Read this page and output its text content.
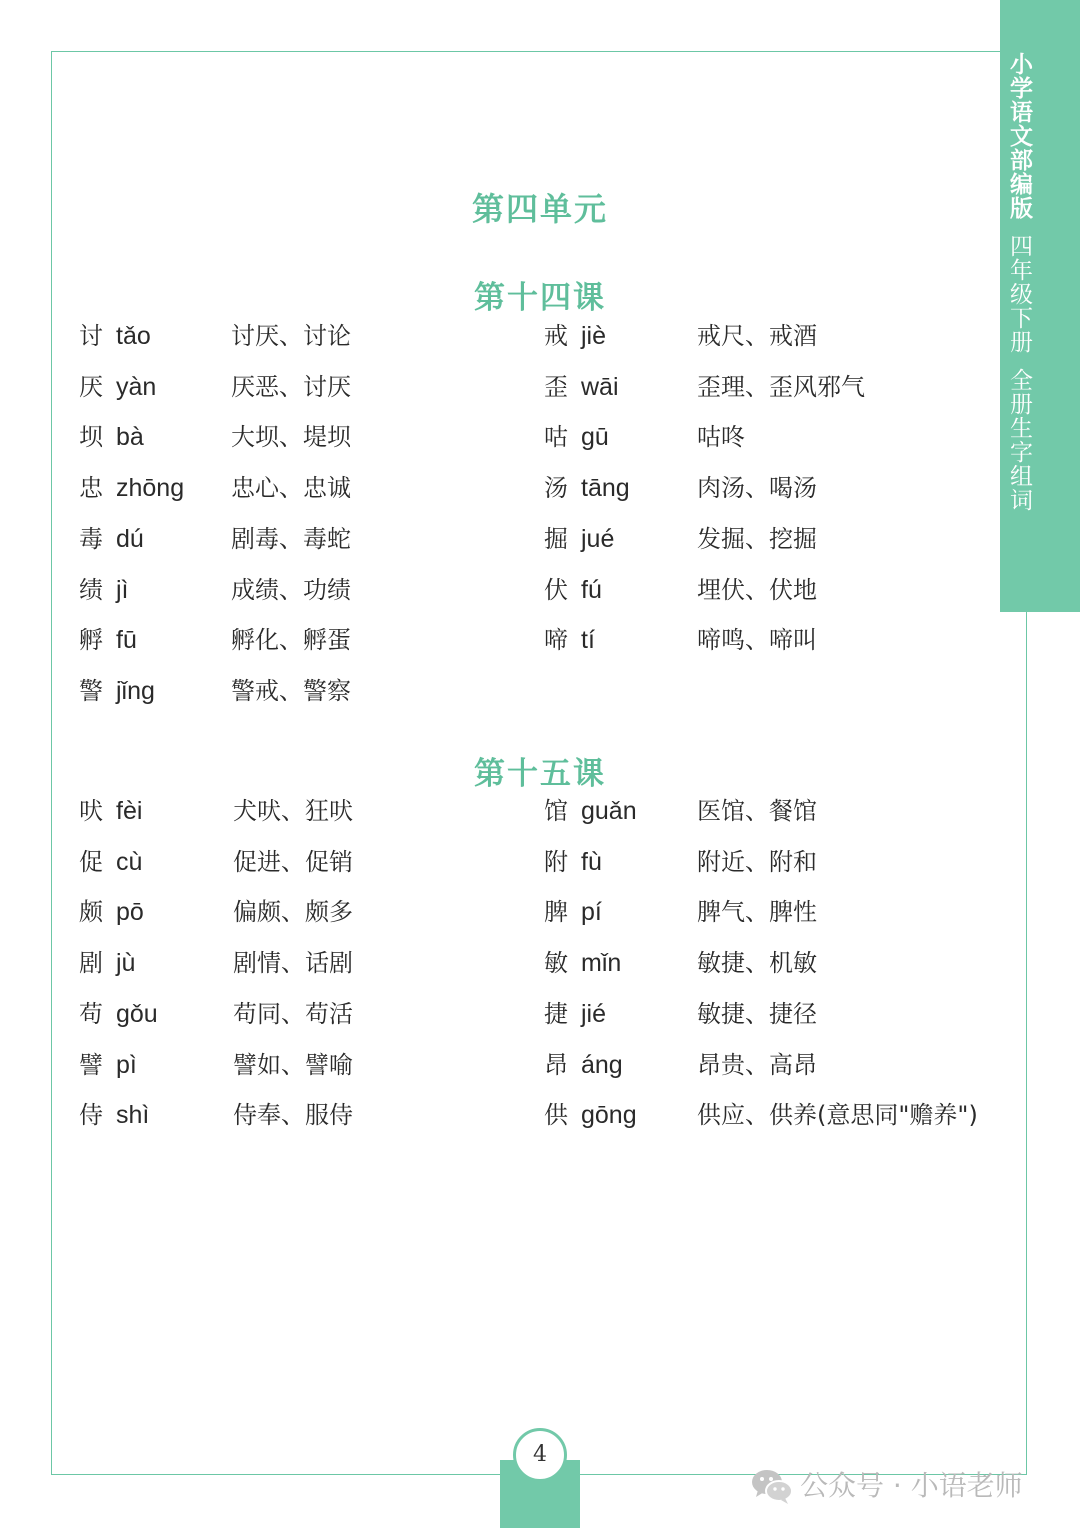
小学语文部编版四年级下册全册生字组词
第四单元
第十四课
讨 tǎo	讨厌、讨论
厌 yàn	厌恶、讨厌
坝 bà	大坝、堤坝
忠 zhōng 忠心、忠诚
毒 dú	剧毒、毒蛇
绩 jì	成绩、功绩
孵 fū	孵化、孵蛋
警 jǐng	警戒、警察
戒 jiè	戒尺、戒酒
歪 wāi	歪理、歪风邪气
咕 gū	咕咚
汤 tāng	肉汤、喝汤
掘 jué	发掘、挖掘
伏 fú	埋伏、伏地
啼 tí	啼鸣、啼叫
第十五课
吠 fèi	犬吠、狂吠
促 cù	促进、促销
颇 pō	偏颇、颇多
剧 jù	剧情、话剧
苟 gǒu	苟同、苟活
譬 pì	譬如、譬喻
侍 shì	侍奉、服侍
馆 guǎn	医馆、餐馆
附 fù	附近、附和
脾 pí	脾气、脾性
敏 mǐn	敏捷、机敏
捷 jié	敏捷、捷径
昂 áng	昂贵、高昂
供 gōng	供应、供养(意思同"赡养")
4
公众号 · 小语老师
